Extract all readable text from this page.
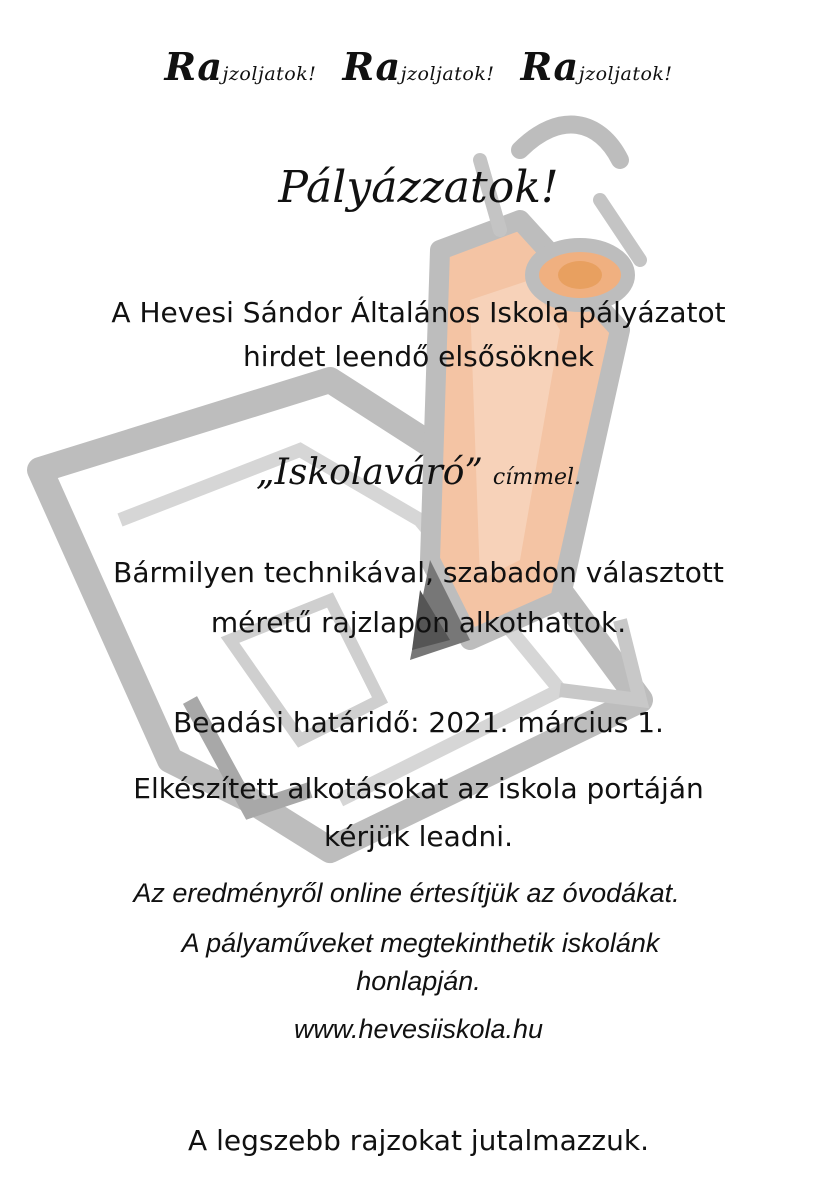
Rajzoljatok! Rajzoljatok! Rajzoljatok!
Pályázzatok!
A Hevesi Sándor Általános Iskola pályázatot
hirdet leendő elsősöknek
„Iskolaváró” címmel.
Bármilyen technikával, szabadon választott
méretű rajzlapon alkothattok.
Beadási határidő: 2021. március 1.
Elkészített alkotásokat az iskola portáján
kérjük leadni.
Az eredményről online értesítjük az óvodákat.
A pályaműveket megtekinthetik iskolánk
honlapján.
www.hevesiiskola.hu
A legszebb rajzokat jutalmazzuk.
